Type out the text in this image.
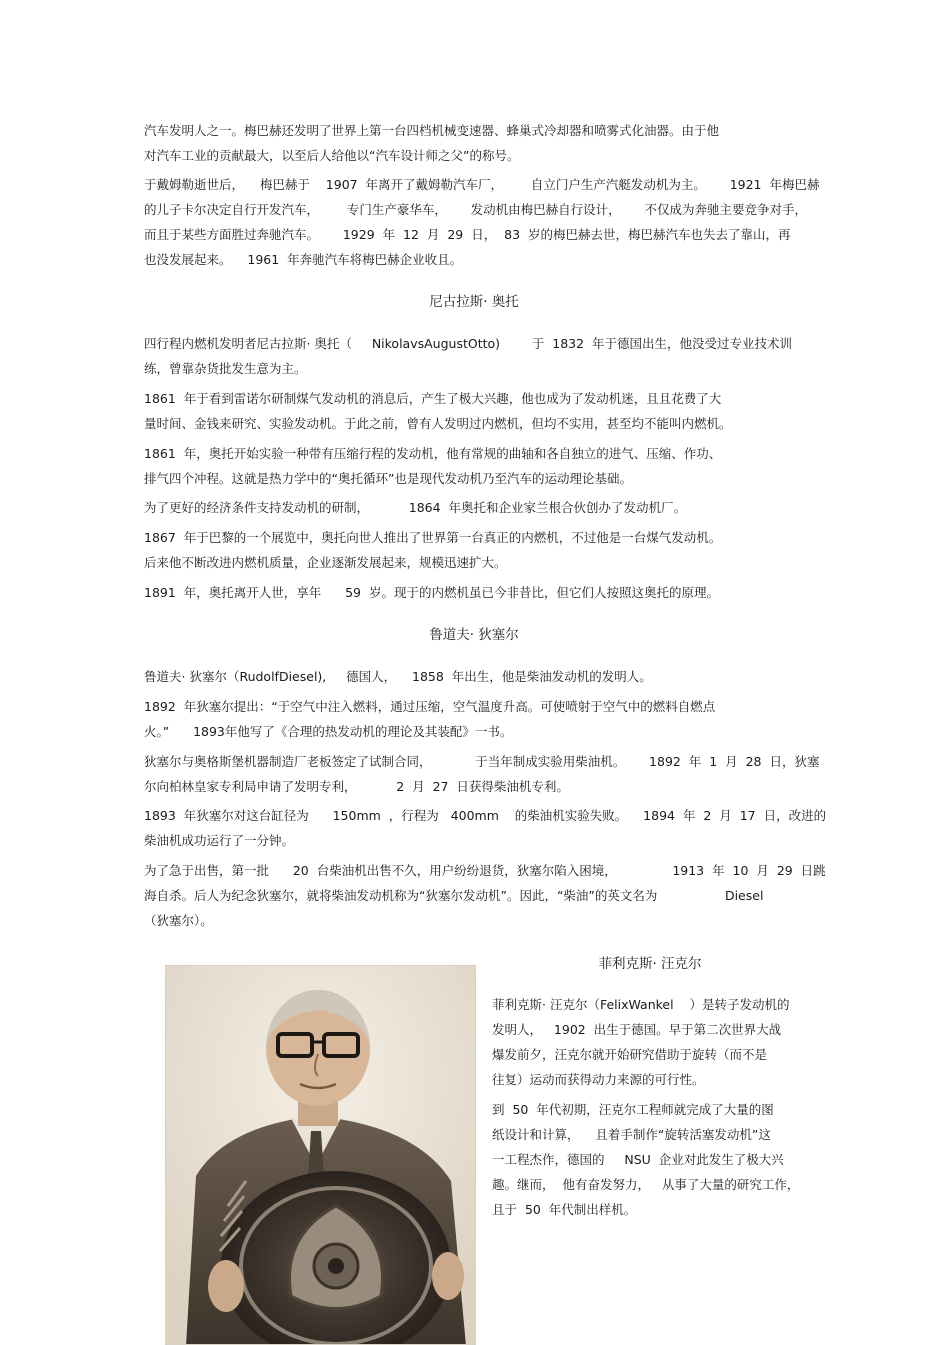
汽车发明人之一。梅巴赫还发明了世界上第一台四档机械变速器、蜂巢式冷却器和喷雾式化油器。由于他
对汽车工业的贡献最大，以至后人给他以“汽车设计师之父”的称号。
于戴姆勒逝世后，    梅巴赫于    1907  年离开了戴姆勒汽车厂，       自立门户生产汽艇发动机为主。      1921  年梅巴赫
的儿子卡尔决定自行开发汽车，       专门生产豪华车，      发动机由梅巴赫自行设计，      不仅成为奔驰主要竞争对手，
而且于某些方面胜过奔驰汽车。      1929  年  12  月  29  日，  83  岁的梅巴赫去世，梅巴赫汽车也失去了靠山，再
也没发展起来。    1961  年奔驰汽车将梅巴赫企业收且。
尼古拉斯· 奥托
四行程内燃机发明者尼古拉斯· 奥托（     NikolavsAugustOtto)        于  1832  年于德国出生，他没受过专业技术训
练，曾靠杂货批发生意为主。
1861  年于看到雷诺尔研制煤气发动机的消息后，产生了极大兴趣，他也成为了发动机迷，且且花费了大
量时间、金钱来研究、实验发动机。于此之前，曾有人发明过内燃机，但均不实用，甚至均不能叫内燃机。
1861  年，奥托开始实验一种带有压缩行程的发动机，他有常规的曲轴和各自独立的进气、压缩、作功、
排气四个冲程。这就是热力学中的“奥托循环”也是现代发动机乃至汽车的运动理论基础。
为了更好的经济条件支持发动机的研制，          1864  年奥托和企业家兰根合伙创办了发动机厂。
1867  年于巴黎的一个展览中，奥托向世人推出了世界第一台真正的内燃机，不过他是一台煤气发动机。
后来他不断改进内燃机质量，企业逐渐发展起来，规模迅速扩大。
1891  年，奥托离开人世，享年      59  岁。现于的内燃机虽已今非昔比，但它们人按照这奥托的原理。
鲁道夫· 狄塞尔
鲁道夫· 狄塞尔（RudolfDiesel),     德国人，    1858  年出生，他是柴油发动机的发明人。
1892  年狄塞尔提出：“于空气中注入燃料，通过压缩，空气温度升高。可使喷射于空气中的燃料自燃点
火。”      1893年他写了《合理的热发动机的理论及其装配》一书。
狄塞尔与奥格斯堡机器制造厂老板签定了试制合同，           于当年制成实验用柴油机。      1892  年  1  月  28  日，狄塞
尔向柏林皇家专利局申请了发明专利，          2  月  27  日获得柴油机专利。
1893  年狄塞尔对这台缸径为      150mm  ，行程为   400mm    的柴油机实验失败。    1894  年  2  月  17  日，改进的
柴油机成功运行了一分钟。
为了急于出售，第一批      20  台柴油机出售不久，用户纷纷退货，狄塞尔陷入困境，              1913  年  10  月  29  日跳
海自杀。后人为纪念狄塞尔，就将柴油发动机称为“狄塞尔发动机”。因此，“柴油”的英文名为                 Diesel
（狄塞尔）。
菲利克斯· 汪克尔
菲利克斯· 汪克尔（FelixWankel    ）是转子发动机的
发明人，   1902  出生于德国。早于第二次世界大战
爆发前夕，汪克尔就开始研究借助于旋转（而不是
往复）运动而获得动力来源的可行性。
到  50  年代初期，汪克尔工程师就完成了大量的图
纸设计和计算，    且着手制作“旋转活塞发动机”这
一工程杰作，德国的     NSU  企业对此发生了极大兴
趣。继而，  他有奋发努力，   从事了大量的研究工作，
且于  50  年代制出样机。
